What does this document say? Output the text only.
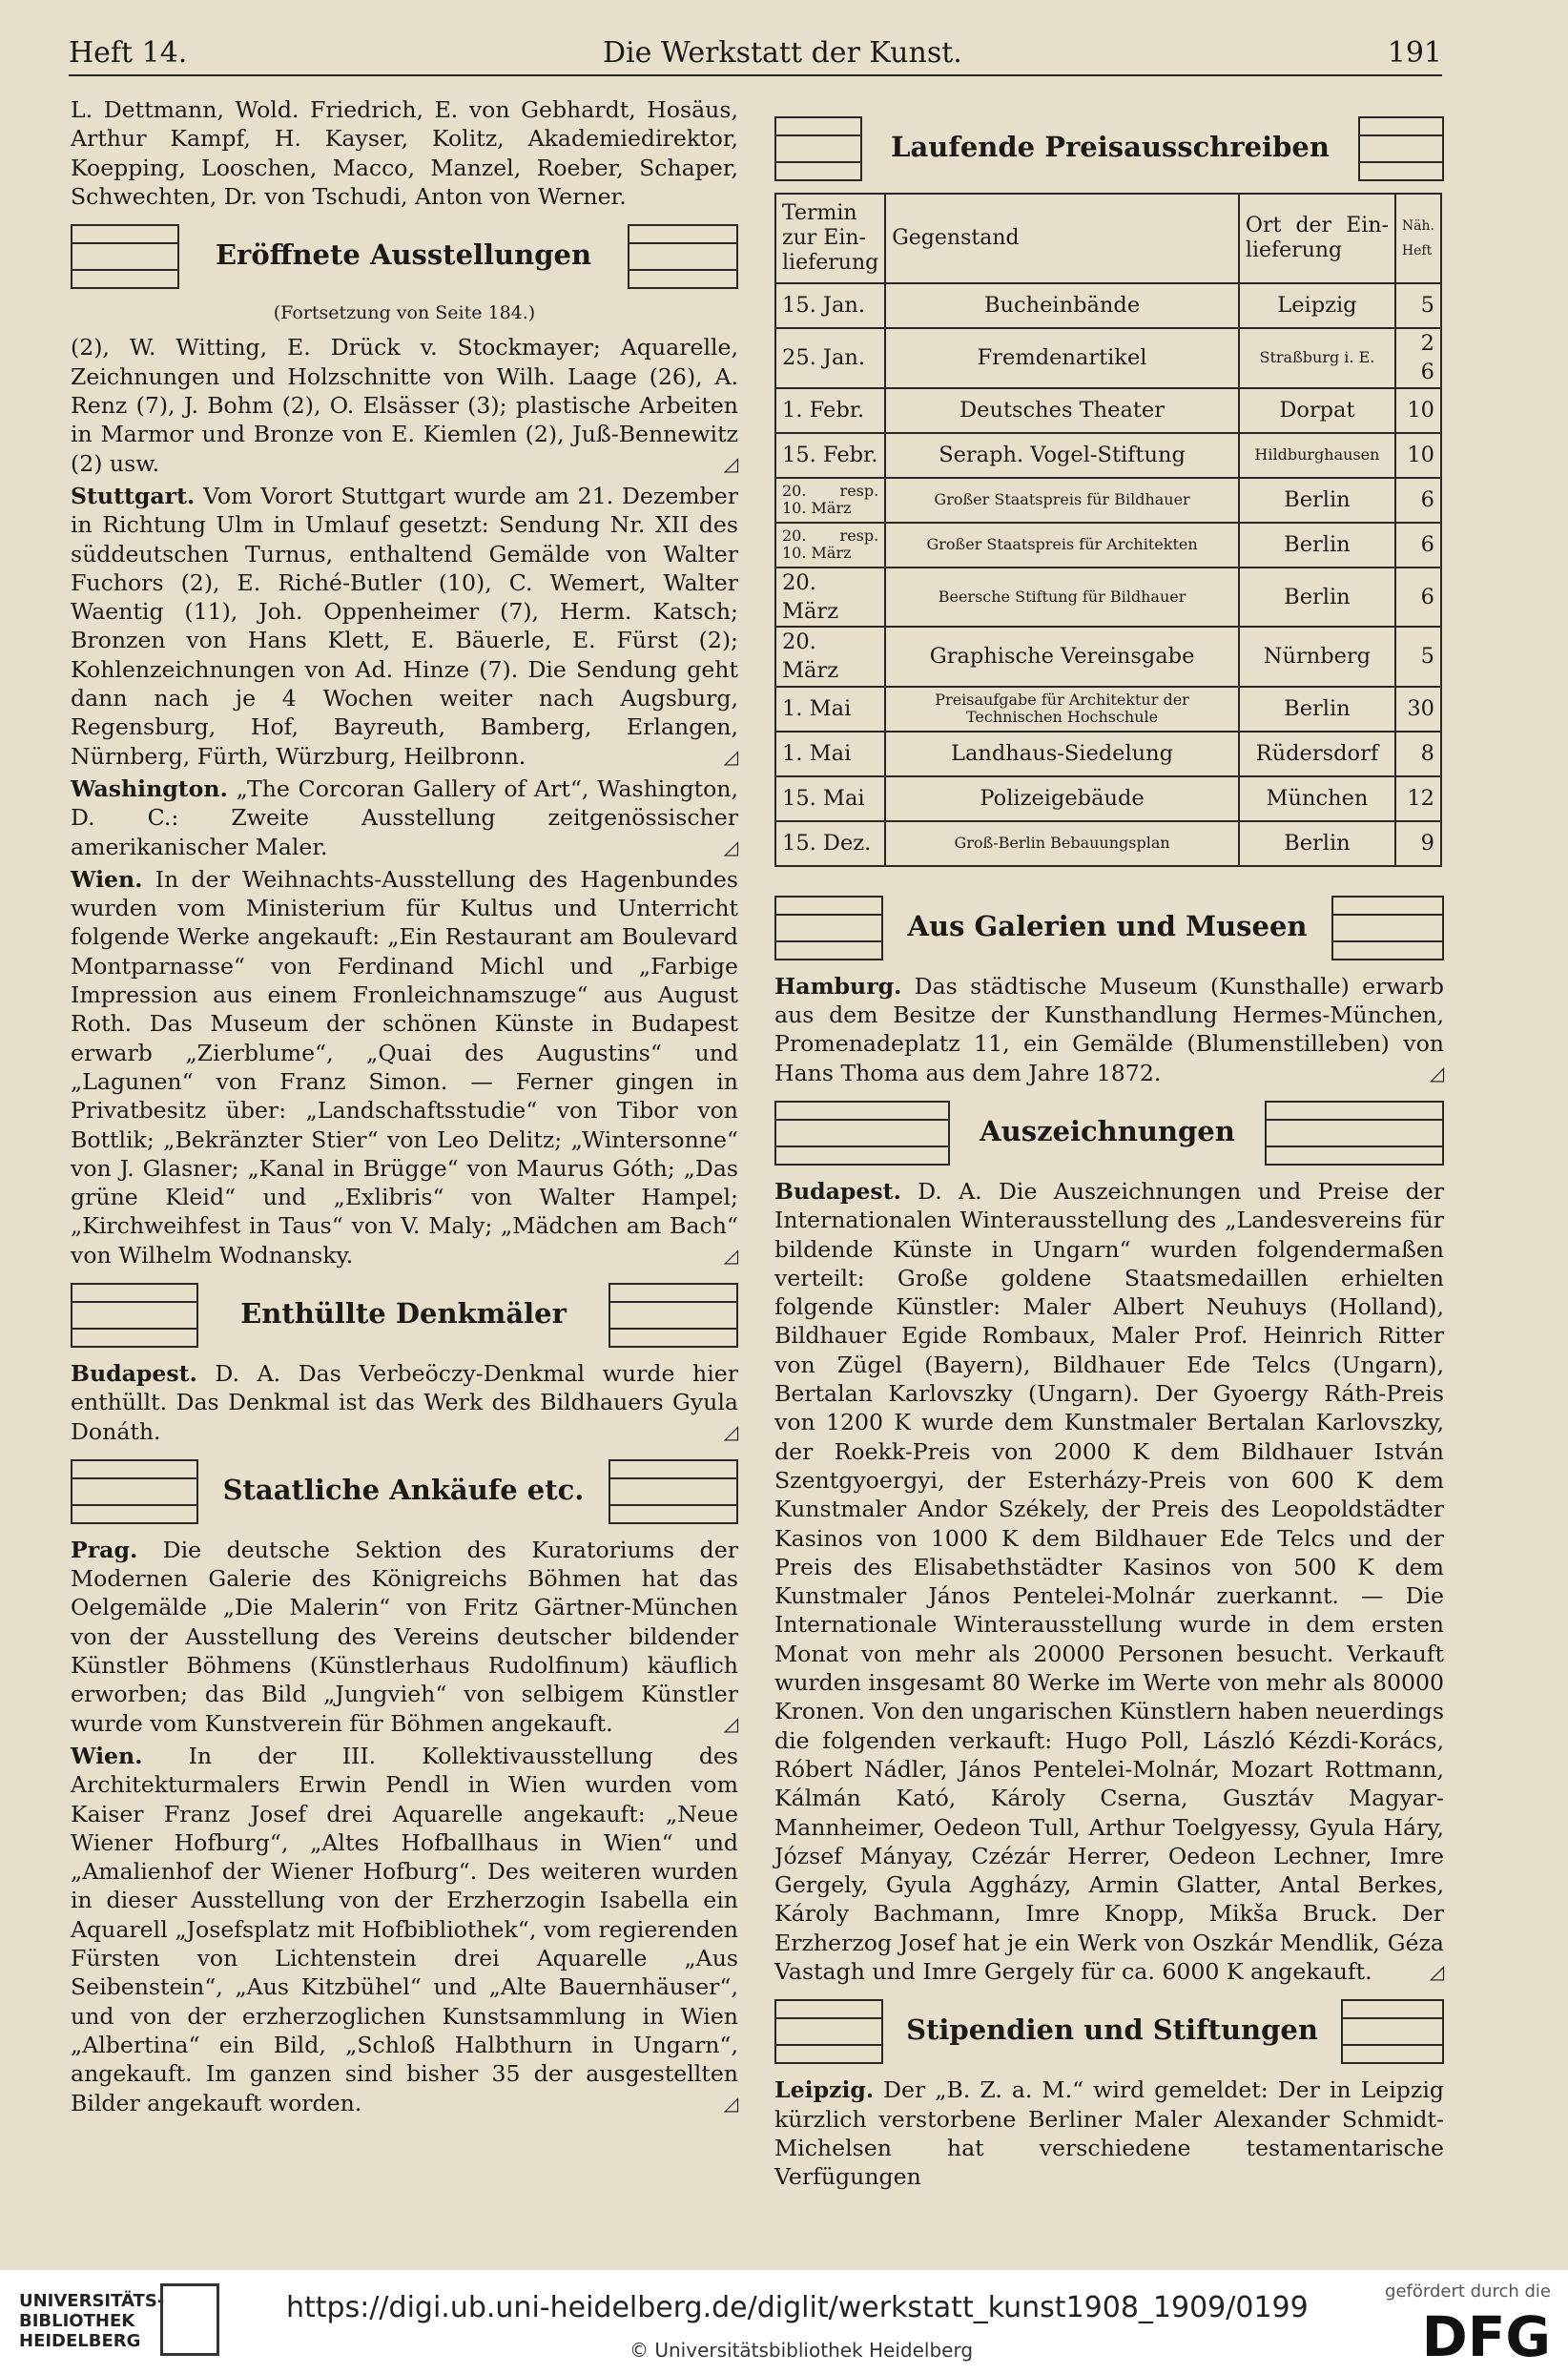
Heft 14.	Die Werkstatt der Kunst.	191

L. Dettmann, Wold. Friedrich, E. von Gebhardt, Hosäus, Arthur Kampf, H. Kayser, Kolitz, Akademiedirektor, Koepping, Looschen, Macco, Manzel, Roeber, Schaper, Schwechten, Dr. von Tschudi, Anton von Werner.

Eröffnete Ausstellungen
(Fortsetzung von Seite 184.)

(2), W. Witting, E. Drück v. Stockmayer; Aquarelle, Zeichnungen und Holzschnitte von Wilh. Laage (26), A. Renz (7), J. Bohm (2), O. Elsässer (3); plastische Arbeiten in Marmor und Bronze von E. Kiemlen (2), Juß-Bennewitz (2) usw.	◿

Stuttgart. Vom Vorort Stuttgart wurde am 21. Dezember in Richtung Ulm in Umlauf gesetzt: Sendung Nr. XII des süddeutschen Turnus, enthaltend Gemälde von Walter Fuchors (2), E. Riché-Butler (10), C. Wemert, Walter Waentig (11), Joh. Oppenheimer (7), Herm. Katsch; Bronzen von Hans Klett, E. Bäuerle, E. Fürst (2); Kohlenzeichnungen von Ad. Hinze (7). Die Sendung geht dann nach je 4 Wochen weiter nach Augsburg, Regensburg, Hof, Bayreuth, Bamberg, Erlangen, Nürnberg, Fürth, Würzburg, Heilbronn.	◿

Washington. „The Corcoran Gallery of Art“, Washington, D. C.: Zweite Ausstellung zeitgenössischer amerikanischer Maler.	◿

Wien. In der Weihnachts-Ausstellung des Hagenbundes wurden vom Ministerium für Kultus und Unterricht folgende Werke angekauft: „Ein Restaurant am Boulevard Montparnasse“ von Ferdinand Michl und „Farbige Impression aus einem Fronleichnamszuge“ aus August Roth. Das Museum der schönen Künste in Budapest erwarb „Zierblume“, „Quai des Augustins“ und „Lagunen“ von Franz Simon. — Ferner gingen in Privatbesitz über: „Landschaftsstudie“ von Tibor von Bottlik; „Bekränzter Stier“ von Leo Delitz; „Wintersonne“ von J. Glasner; „Kanal in Brügge“ von Maurus Góth; „Das grüne Kleid“ und „Exlibris“ von Walter Hampel; „Kirchweihfest in Taus“ von V. Maly; „Mädchen am Bach“ von Wilhelm Wodnansky.	◿

Enthüllte Denkmäler

Budapest. D. A. Das Verbeöczy-Denkmal wurde hier enthüllt. Das Denkmal ist das Werk des Bildhauers Gyula Donáth.	◿

Staatliche Ankäufe etc.

Prag. Die deutsche Sektion des Kuratoriums der Modernen Galerie des Königreichs Böhmen hat das Oelgemälde „Die Malerin“ von Fritz Gärtner-München von der Ausstellung des Vereins deutscher bildender Künstler Böhmens (Künstlerhaus Rudolfinum) käuflich erworben; das Bild „Jungvieh“ von selbigem Künstler wurde vom Kunstverein für Böhmen angekauft.	◿

Wien. In der III. Kollektivausstellung des Architekturmalers Erwin Pendl in Wien wurden vom Kaiser Franz Josef drei Aquarelle angekauft: „Neue Wiener Hofburg“, „Altes Hofballhaus in Wien“ und „Amalienhof der Wiener Hofburg“. Des weiteren wurden in dieser Ausstellung von der Erzherzogin Isabella ein Aquarell „Josefsplatz mit Hofbibliothek“, vom regierenden Fürsten von Lichtenstein drei Aquarelle „Aus Seibenstein“, „Aus Kitzbühel“ und „Alte Bauernhäuser“, und von der erzherzoglichen Kunstsammlung in Wien „Albertina“ ein Bild, „Schloß Halbthurn in Ungarn“, angekauft. Im ganzen sind bisher 35 der ausgestellten Bilder angekauft worden.	◿

Laufende Preisausschreiben
Termin zur Ein-lieferung	Gegenstand	Ort der Ein-lieferung	Näh. Heft
15. Jan.	Bucheinbände	Leipzig	5
25. Jan.	Fremdenartikel	Straßburg i. E.	2 6
1. Febr.	Deutsches Theater	Dorpat	10
15. Febr.	Seraph. Vogel-Stiftung	Hildburghausen	10
20. resp. 10. März	Großer Staatspreis für Bildhauer	Berlin	6
20. resp. 10. März	Großer Staatspreis für Architekten	Berlin	6
20. März	Beersche Stiftung für Bildhauer	Berlin	6
20. März	Graphische Vereinsgabe	Nürnberg	5
1. Mai	Preisaufgabe für Architektur der Technischen Hochschule	Berlin	30
1. Mai	Landhaus-Siedelung	Rüdersdorf	8
15. Mai	Polizeigebäude	München	12
15. Dez.	Groß-Berlin Bebauungsplan	Berlin	9
Aus Galerien und Museen

Hamburg. Das städtische Museum (Kunsthalle) erwarb aus dem Besitze der Kunsthandlung Hermes-München, Promenadeplatz 11, ein Gemälde (Blumenstilleben) von Hans Thoma aus dem Jahre 1872.	◿

Auszeichnungen

Budapest. D. A. Die Auszeichnungen und Preise der Internationalen Winterausstellung des „Landesvereins für bildende Künste in Ungarn“ wurden folgendermaßen verteilt: Große goldene Staatsmedaillen erhielten folgende Künstler: Maler Albert Neuhuys (Holland), Bildhauer Egide Rombaux, Maler Prof. Heinrich Ritter von Zügel (Bayern), Bildhauer Ede Telcs (Ungarn), Bertalan Karlovszky (Ungarn). Der Gyoergy Ráth-Preis von 1200 K wurde dem Kunstmaler Bertalan Karlovszky, der Roekk-Preis von 2000 K dem Bildhauer István Szentgyoergyi, der Esterházy-Preis von 600 K dem Kunstmaler Andor Székely, der Preis des Leopoldstädter Kasinos von 1000 K dem Bildhauer Ede Telcs und der Preis des Elisabethstädter Kasinos von 500 K dem Kunstmaler János Pentelei-Molnár zuerkannt. — Die Internationale Winterausstellung wurde in dem ersten Monat von mehr als 20000 Personen besucht. Verkauft wurden insgesamt 80 Werke im Werte von mehr als 80000 Kronen. Von den ungarischen Künstlern haben neuerdings die folgenden verkauft: Hugo Poll, László Kézdi-Korács, Róbert Nádler, János Pentelei-Molnár, Mozart Rottmann, Kálmán Kató, Károly Cserna, Gusztáv Magyar-Mannheimer, Oedeon Tull, Arthur Toelgyessy, Gyula Háry, József Mányay, Czézár Herrer, Oedeon Lechner, Imre Gergely, Gyula Aggházy, Armin Glatter, Antal Berkes, Károly Bachmann, Imre Knopp, Mikša Bruck. Der Erzherzog Josef hat je ein Werk von Oszkár Mendlik, Géza Vastagh und Imre Gergely für ca. 6000 K angekauft.	◿

Stipendien und Stiftungen

Leipzig. Der „B. Z. a. M.“ wird gemeldet: Der in Leipzig kürzlich verstorbene Berliner Maler Alexander Schmidt-Michelsen hat verschiedene testamentarische Verfügungen

UNIVERSITÄTS-
BIBLIOTHEK
HEIDELBERG
https://digi.ub.uni-heidelberg.de/diglit/werkstatt_kunst1908_1909/0199
© Universitätsbibliothek Heidelberg
gefördert durch die
DFG
